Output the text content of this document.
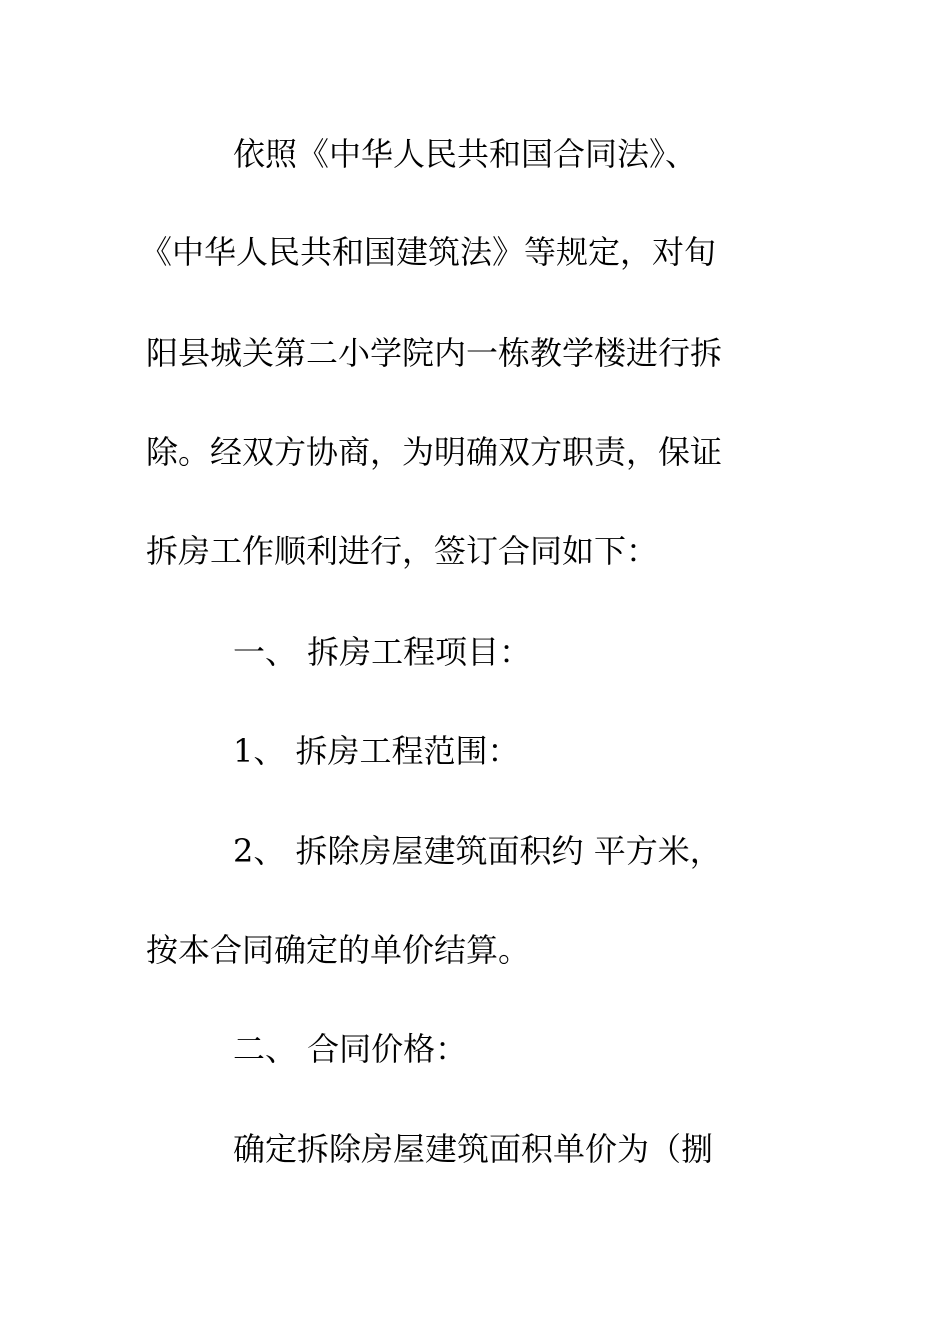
依照《中华人民共和国合同法》、
《中华人民共和国建筑法》等规定，对旬
阳县城关第二小学院内一栋教学楼进行拆
除。经双方协商，为明确双方职责，保证
拆房工作顺利进行，签订合同如下：
一、 拆房工程项目：
1、 拆房工程范围：
2、 拆除房屋建筑面积约 平方米，
按本合同确定的单价结算。
二、 合同价格：
确定拆除房屋建筑面积单价为（捌
